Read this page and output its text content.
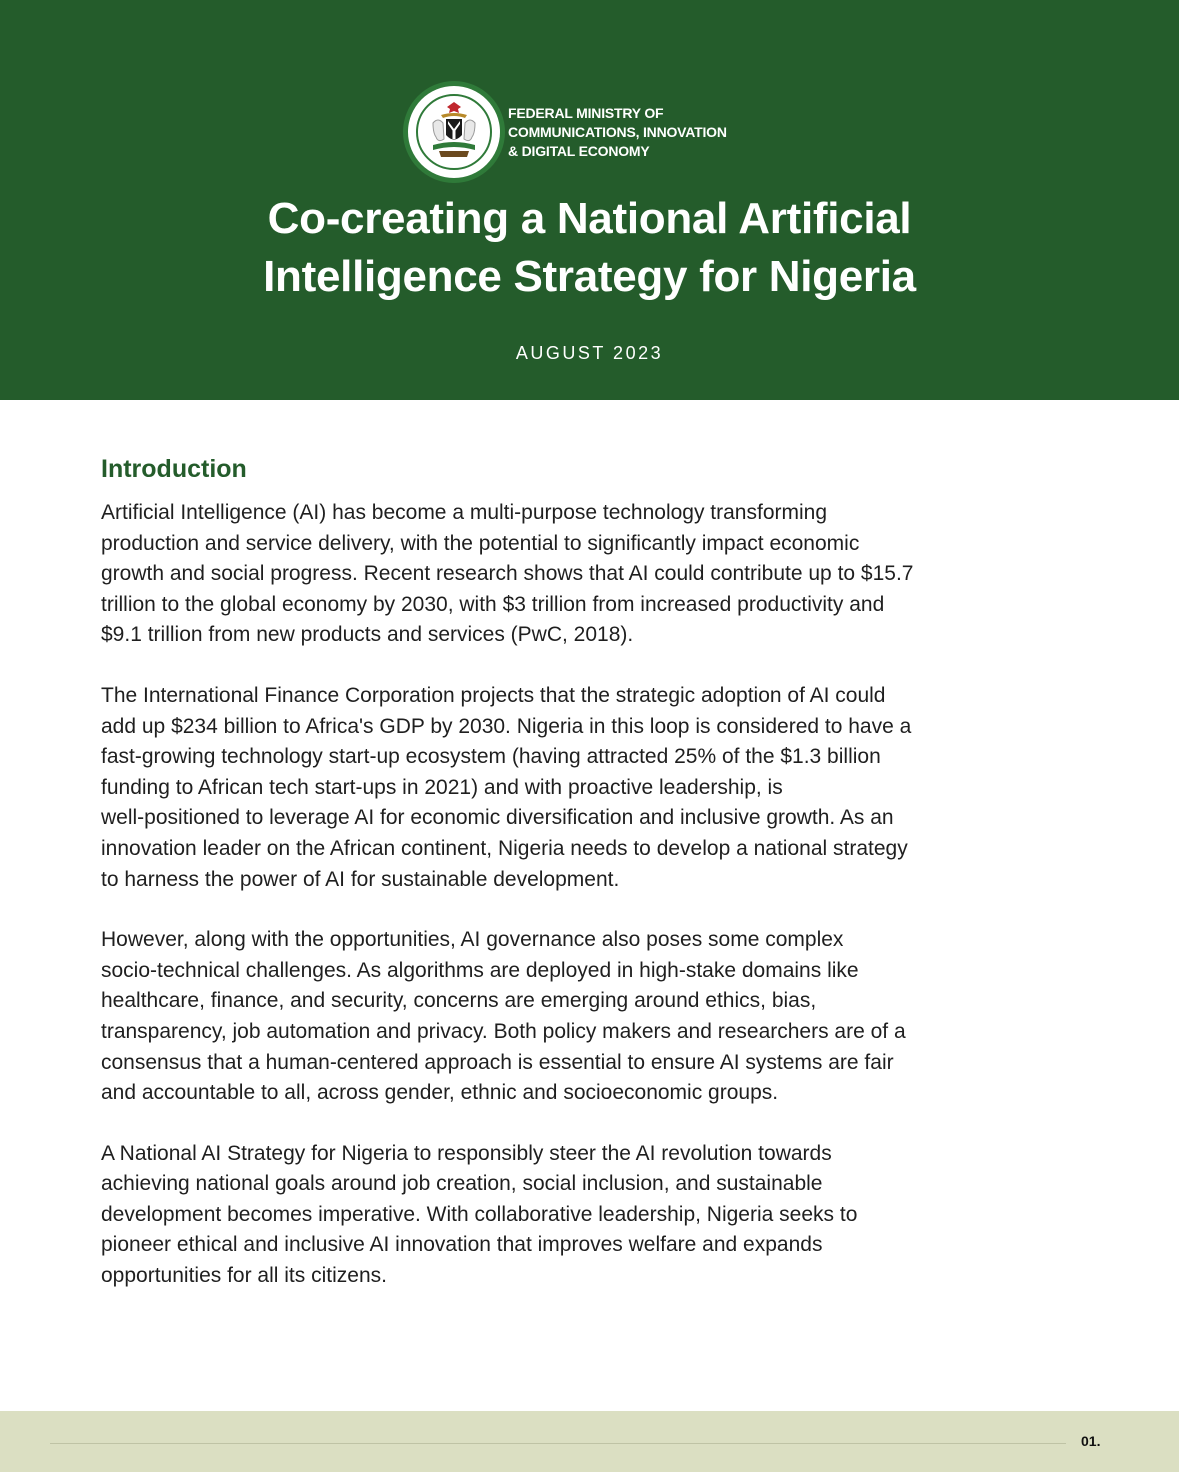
FEDERAL MINISTRY OF
COMMUNICATIONS, INNOVATION
& DIGITAL ECONOMY
Co-creating a National Artificial
Intelligence Strategy for Nigeria
AUGUST 2023
Introduction
Artificial Intelligence (AI) has become a multi-purpose technology transforming
production and service delivery, with the potential to significantly impact economic
growth and social progress. Recent research shows that AI could contribute up to $15.7
trillion to the global economy by 2030, with $3 trillion from increased productivity and
$9.1 trillion from new products and services (PwC, 2018).
The International Finance Corporation projects that the strategic adoption of AI could
add up $234 billion to Africa's GDP by 2030. Nigeria in this loop is considered to have a
fast-growing technology start-up ecosystem (having attracted 25% of the $1.3 billion
funding to African tech start-ups in 2021) and with proactive leadership, is
well-positioned to leverage AI for economic diversification and inclusive growth. As an
innovation leader on the African continent, Nigeria needs to develop a national strategy
to harness the power of AI for sustainable development.
However, along with the opportunities, AI governance also poses some complex
socio-technical challenges. As algorithms are deployed in high-stake domains like
healthcare, finance, and security, concerns are emerging around ethics, bias,
transparency, job automation and privacy. Both policy makers and researchers are of a
consensus that a human-centered approach is essential to ensure AI systems are fair
and accountable to all, across gender, ethnic and socioeconomic groups.
A National AI Strategy for Nigeria to responsibly steer the AI revolution towards
achieving national goals around job creation, social inclusion, and sustainable
development becomes imperative. With collaborative leadership, Nigeria seeks to
pioneer ethical and inclusive AI innovation that improves welfare and expands
opportunities for all its citizens.
01.
